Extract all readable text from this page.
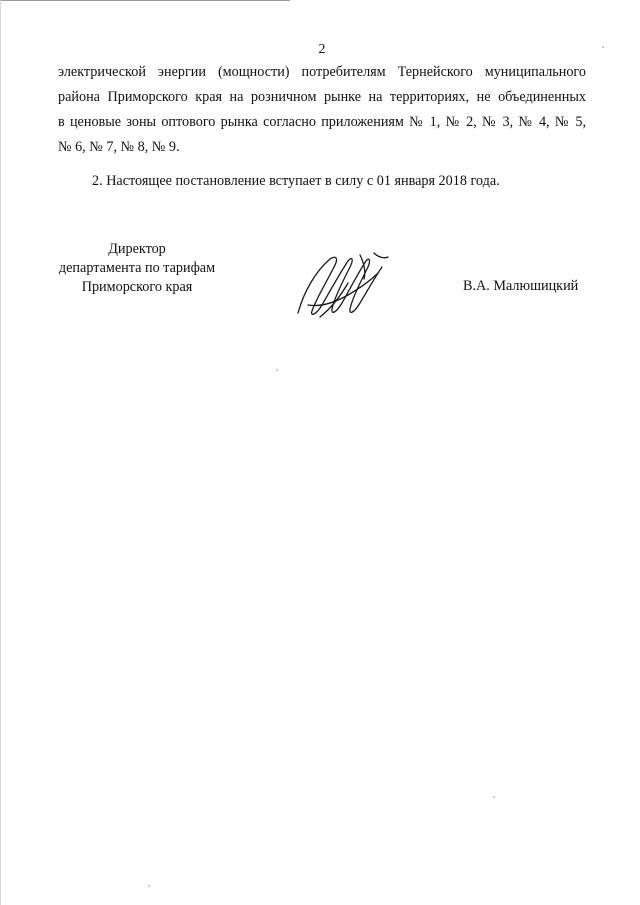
2

электрической энергии (мощности) потребителям Тернейского муниципального
района Приморского края на розничном рынке на территориях, не объединенных
в ценовые зоны оптового рынка согласно приложениям № 1, № 2, № 3, № 4, № 5,
№ 6, № 7, № 8, № 9.

2. Настоящее постановление вступает в силу с 01 января 2018 года.

Директор
департамента по тарифам
Приморского края	В.А. Малюшицкий
